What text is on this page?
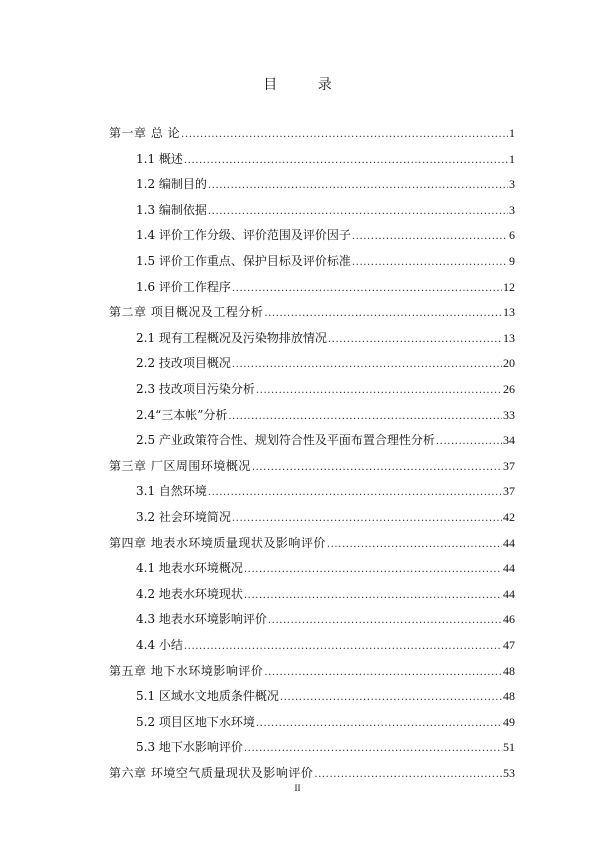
目 录
第一章 总 论 .....	1
1.1 概述 .....	1
1.2 编制目的 .....	3
1.3 编制依据 .....	3
1.4 评价工作分级、评价范围及评价因子 .....	6
1.5 评价工作重点、保护目标及评价标准 .....	9
1.6 评价工作程序 .....	12
第二章 项目概况及工程分析 .....	13
2.1 现有工程概况及污染物排放情况 .....	13
2.2 技改项目概况 .....	20
2.3 技改项目污染分析 .....	26
2.4“三本帐”分析 .....	33
2.5 产业政策符合性、规划符合性及平面布置合理性分析 .....	34
第三章 厂区周围环境概况 .....	37
3.1 自然环境 .....	37
3.2 社会环境简况 .....	42
第四章 地表水环境质量现状及影响评价 .....	44
4.1 地表水环境概况 .....	44
4.2 地表水环境现状 .....	44
4.3 地表水环境影响评价 .....	46
4.4 小结 .....	47
第五章 地下水环境影响评价 .....	48
5.1 区域水文地质条件概况 .....	48
5.2 项目区地下水环境 .....	49
5.3 地下水影响评价 .....	51
第六章 环境空气质量现状及影响评价 .....	53
II
